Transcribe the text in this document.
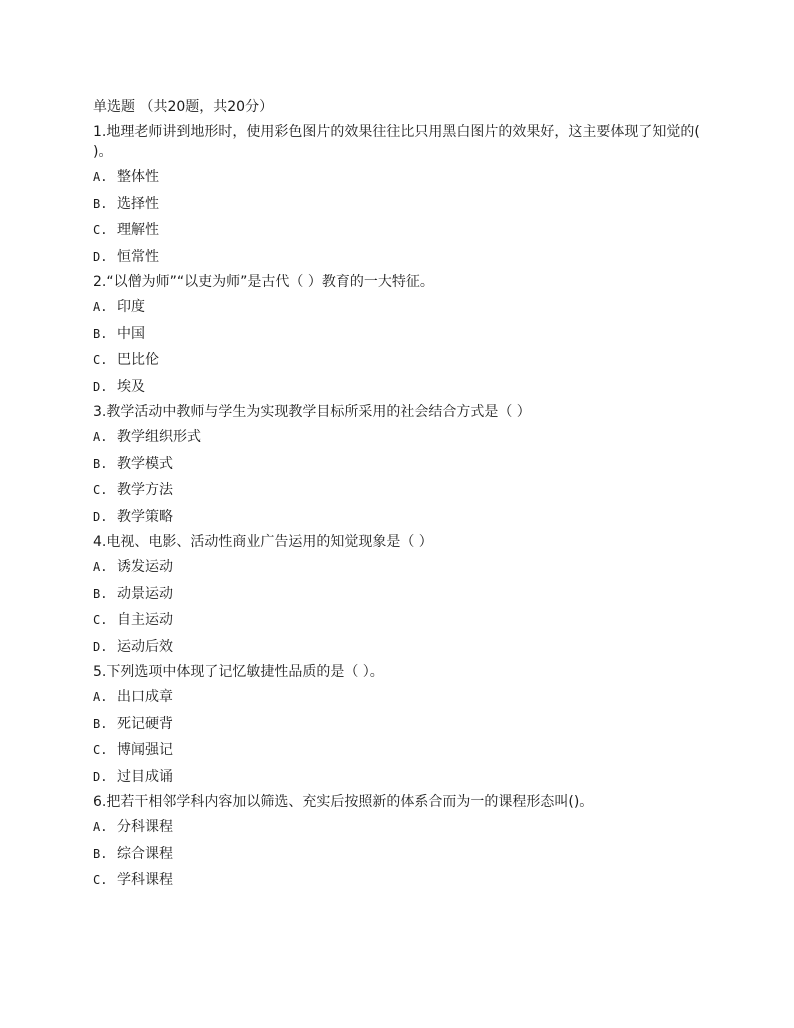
单选题 （共20题，共20分）
1.地理老师讲到地形时，使用彩色图片的效果往往比只用黑白图片的效果好，这主要体现了知觉的( )。
A. 整体性
B. 选择性
C. 理解性
D. 恒常性
2.“以僧为师”“以吏为师”是古代（ ）教育的一大特征。
A. 印度
B. 中国
C. 巴比伦
D. 埃及
3.教学活动中教师与学生为实现教学目标所采用的社会结合方式是（ ）
A. 教学组织形式
B. 教学模式
C. 教学方法
D. 教学策略
4.电视、电影、活动性商业广告运用的知觉现象是（ ）
A. 诱发运动
B. 动景运动
C. 自主运动
D. 运动后效
5.下列选项中体现了记忆敏捷性品质的是（ ）。
A. 出口成章
B. 死记硬背
C. 博闻强记
D. 过目成诵
6.把若干相邻学科内容加以筛选、充实后按照新的体系合而为一的课程形态叫()。
A. 分科课程
B. 综合课程
C. 学科课程
